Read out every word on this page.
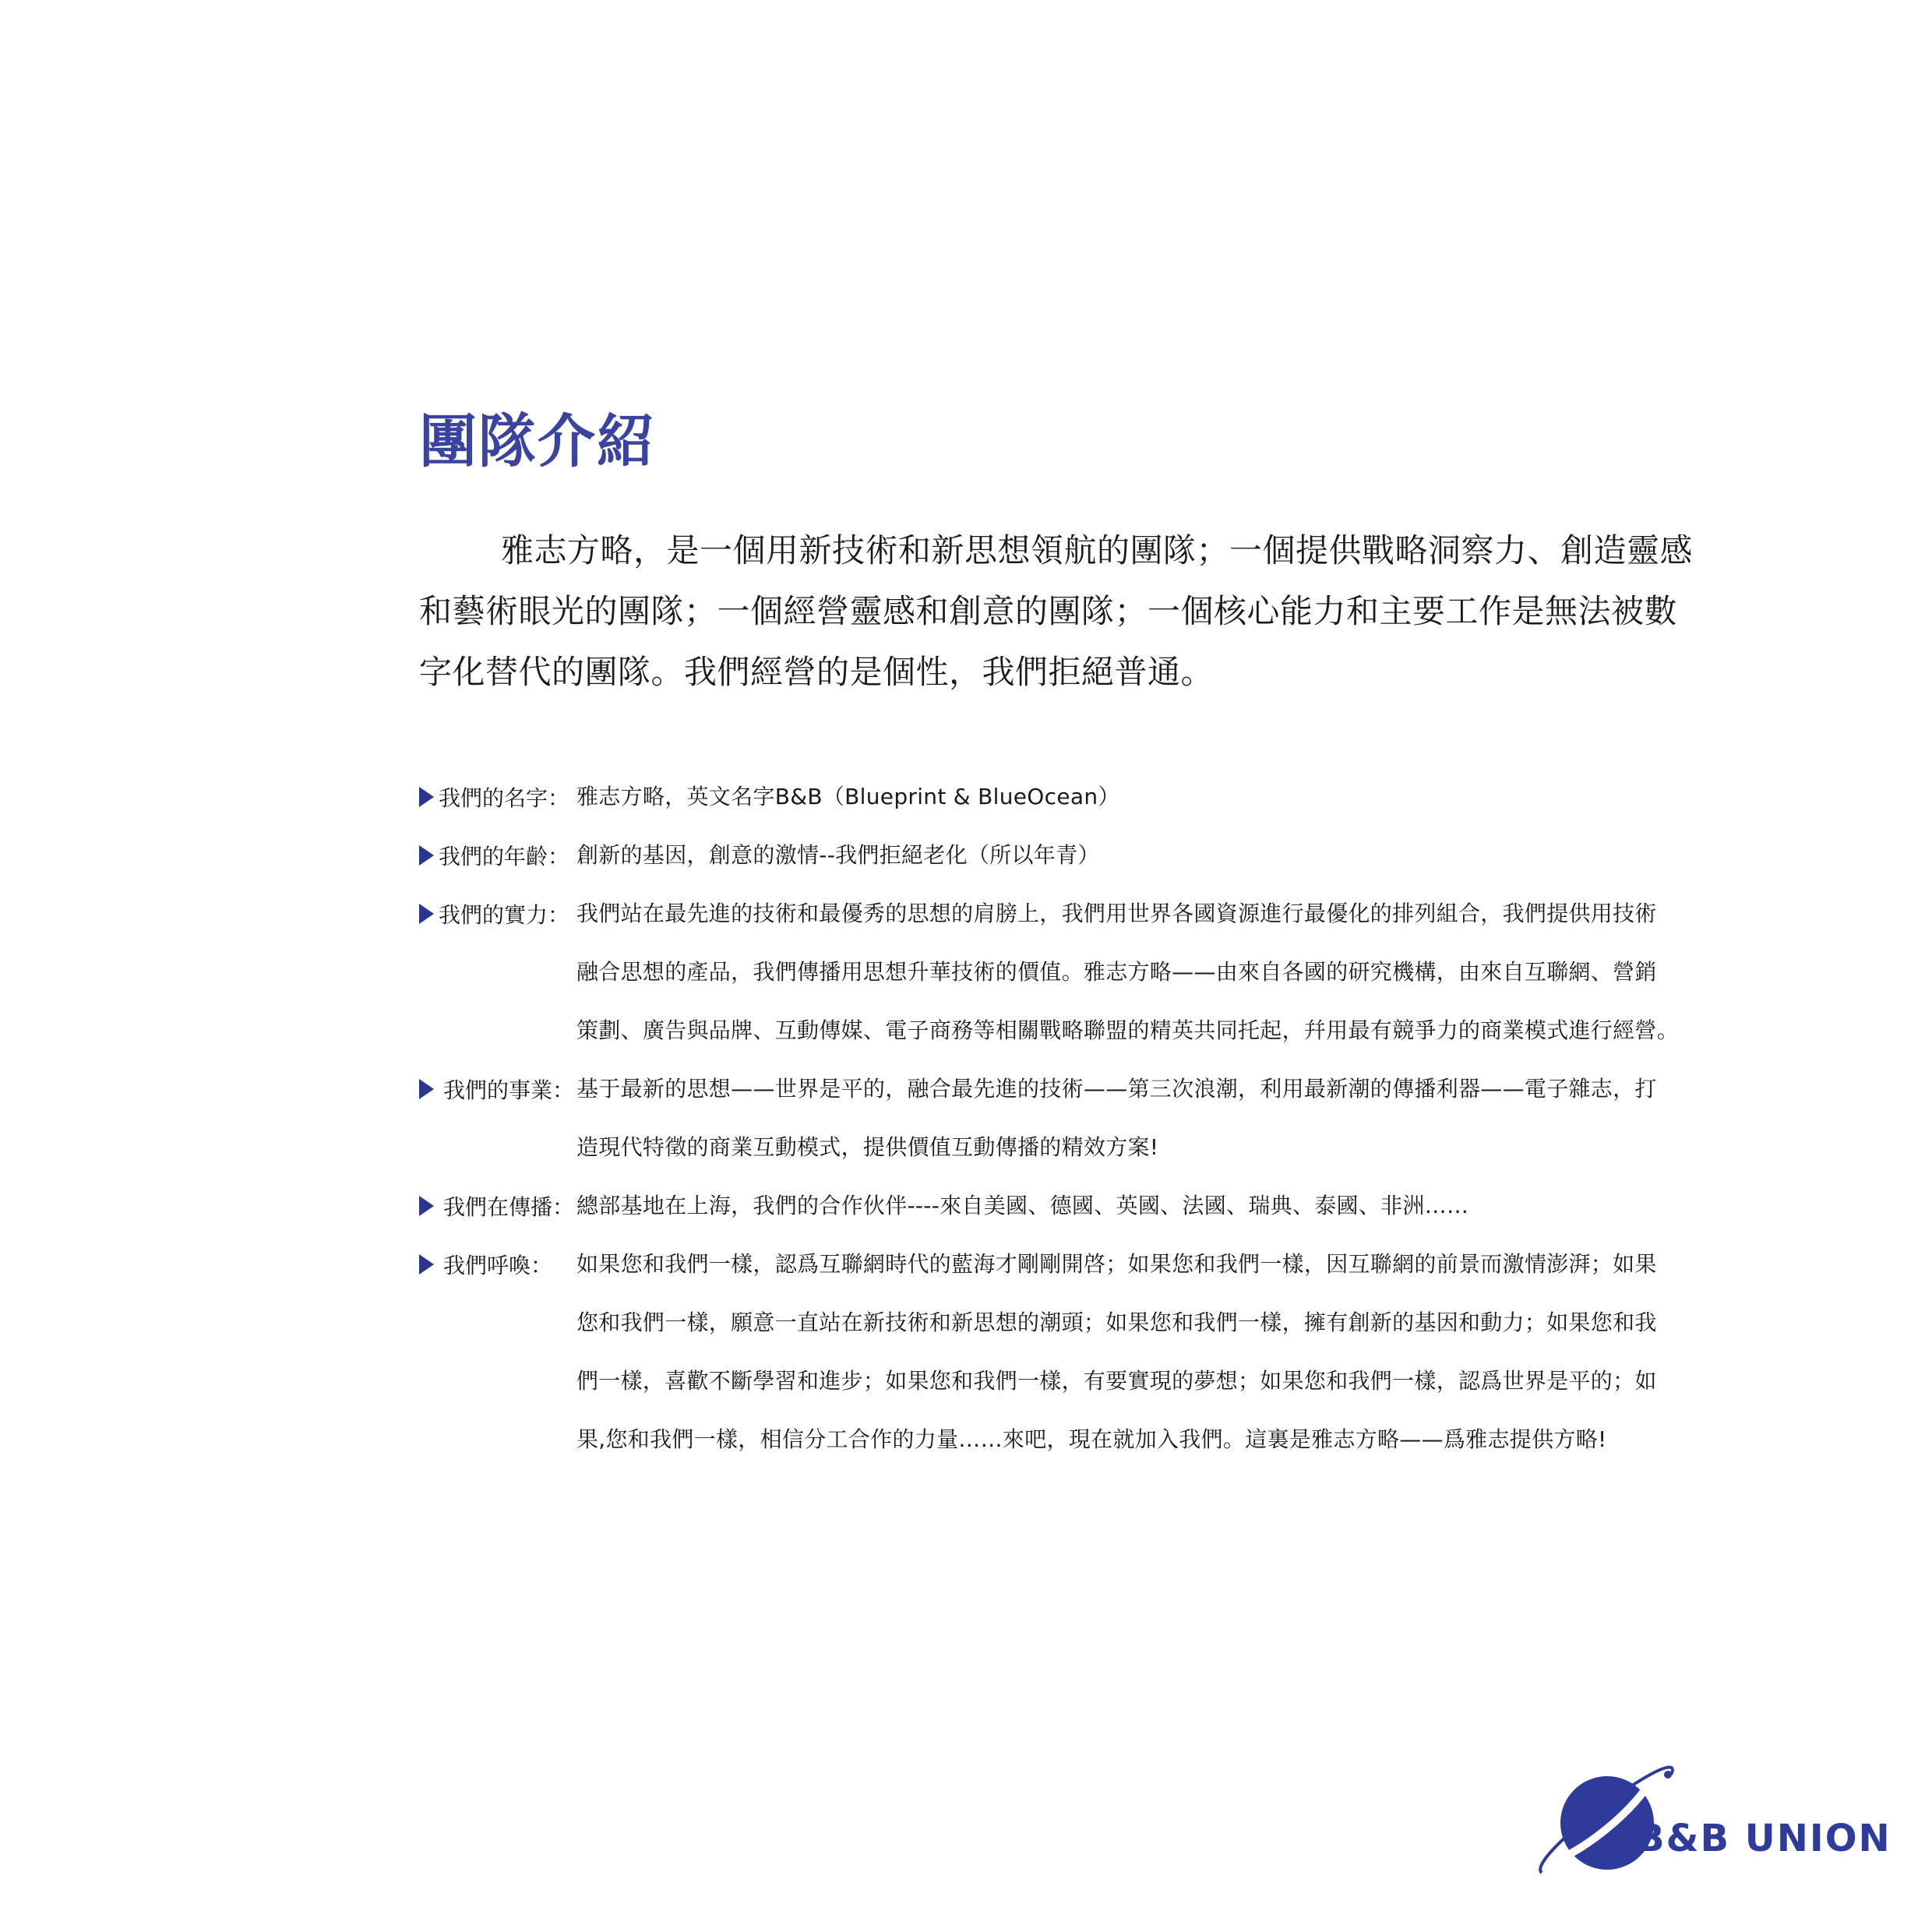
團隊介紹
雅志方略，是一個用新技術和新思想領航的團隊；一個提供戰略洞察力、創造靈感和藝術眼光的團隊；一個經營靈感和創意的團隊；一個核心能力和主要工作是無法被數字化替代的團隊。我們經營的是個性，我們拒絕普通。
我們的名字： 雅志方略，英文名字B&B（Blueprint & BlueOcean）
我們的年齡： 創新的基因，創意的激情--我們拒絕老化（所以年青）
我們的實力： 我們站在最先進的技術和最優秀的思想的肩膀上，我們用世界各國資源進行最優化的排列組合，我們提供用技術
融合思想的產品，我們傳播用思想升華技術的價值。雅志方略——由來自各國的研究機構，由來自互聯網、營銷
策劃、廣告與品牌、互動傳媒、電子商務等相關戰略聯盟的精英共同托起，幷用最有競爭力的商業模式進行經營。
我們的事業： 基于最新的思想——世界是平的，融合最先進的技術——第三次浪潮，利用最新潮的傳播利器——電子雜志，打
造現代特徵的商業互動模式，提供價值互動傳播的精效方案!
我們在傳播： 總部基地在上海，我們的合作伙伴----來自美國、德國、英國、法國、瑞典、泰國、非洲……
我們呼喚： 如果您和我們一樣，認爲互聯網時代的藍海才剛剛開啓；如果您和我們一樣，因互聯網的前景而激情澎湃；如果
您和我們一樣，願意一直站在新技術和新思想的潮頭；如果您和我們一樣，擁有創新的基因和動力；如果您和我
們一樣，喜歡不斷學習和進步；如果您和我們一樣，有要實現的夢想；如果您和我們一樣，認爲世界是平的；如
果,您和我們一樣，相信分工合作的力量……來吧，現在就加入我們。這裏是雅志方略——爲雅志提供方略!
B&B UNION
